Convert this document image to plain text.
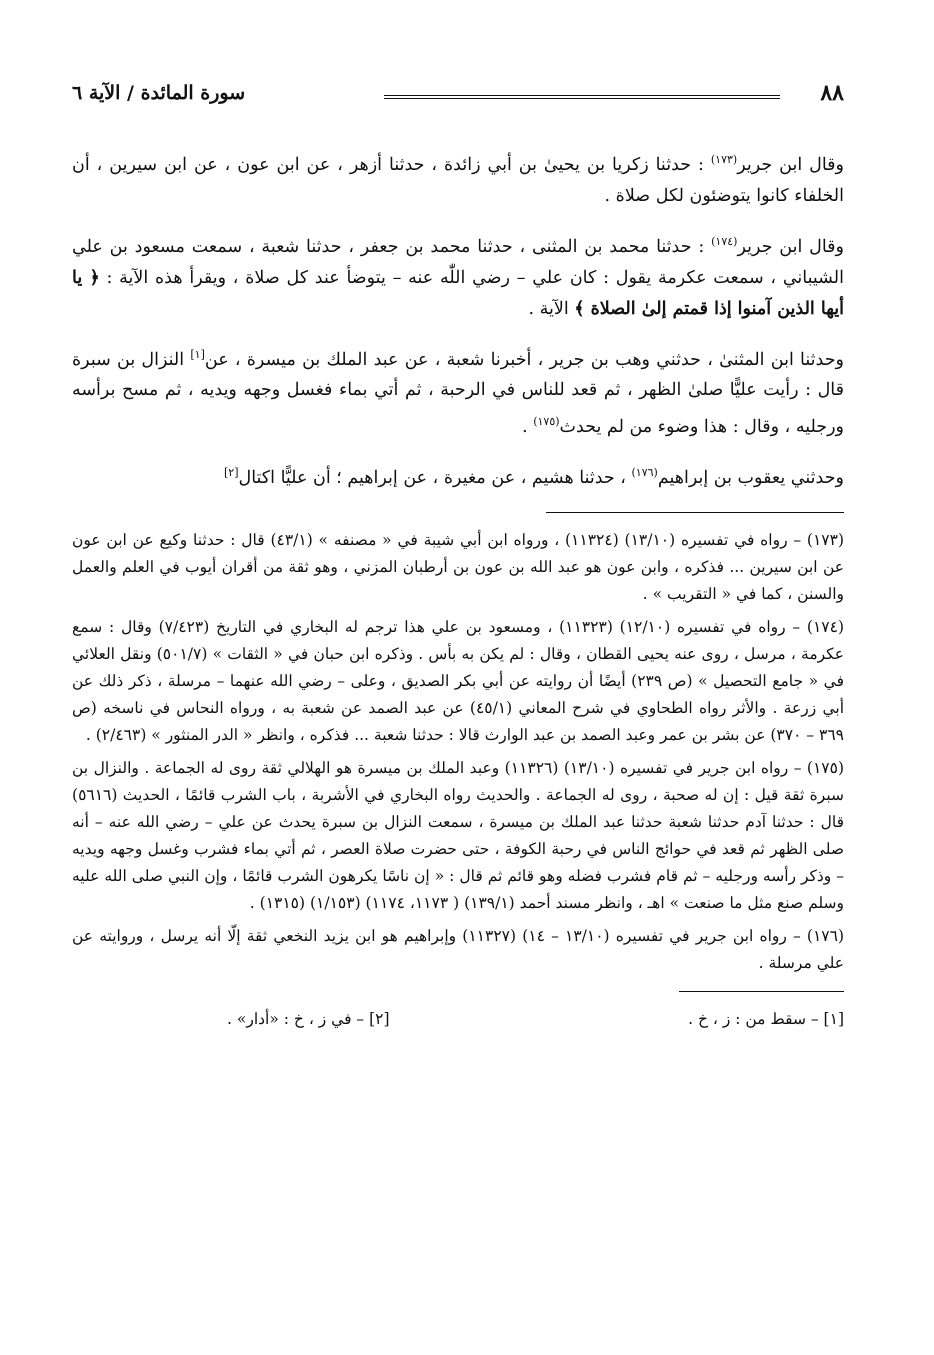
٨٨
سورة المائدة / الآية ٦

وقال ابن جرير$^{(١٧٣)}$ : حدثنا زكريا بن يحيىٰ بن أبي زائدة ، حدثنا أزهر ، عن ابن عون ، عن ابن سيرين ، أن الخلفاء كانوا يتوضئون لكل صلاة .

وقال ابن جرير$^{(١٧٤)}$ : حدثنا محمد بن المثنى ، حدثنا محمد بن جعفر ، حدثنا شعبة ، سمعت مسعود بن علي الشيباني ، سمعت عكرمة يقول : كان علي – رضي اللّٰه عنه – يتوضأ عند كل صلاة ، ويقرأ هذه الآية : ﴿ يا أيها الذين آمنوا إذا قمتم إلىٰ الصلاة ﴾ الآية .

وحدثنا ابن المثنىٰ ، حدثني وهب بن جرير ، أخبرنا شعبة ، عن عبد الملك بن ميسرة ، عن[١] النزال بن سبرة قال : رأيت عليًّا صلىٰ الظهر ، ثم قعد للناس في الرحبة ، ثم أتي بماء فغسل وجهه ويديه ، ثم مسح برأسه ورجليه ، وقال : هذا وضوء من لم يحدث$^{(١٧٥)}$ .

وحدثني يعقوب بن إبراهيم$^{(١٧٦)}$ ، حدثنا هشيم ، عن مغيرة ، عن إبراهيم ؛ أن عليًّا اكتال[٢]

(١٧٣) – رواه في تفسيره (١٣/١٠) (١١٣٢٤) ، ورواه ابن أبي شيبة في « مصنفه » (٤٣/١) قال : حدثنا وكيع عن ابن عون عن ابن سيرين ... فذكره ، وابن عون هو عبد الله بن عون بن أرطبان المزني ، وهو ثقة من أقران أيوب في العلم والعمل والسنن ، كما في « التقريب » .

(١٧٤) – رواه في تفسيره (١٢/١٠) (١١٣٢٣) ، ومسعود بن علي هذا ترجم له البخاري في التاريخ (٧/٤٢٣) وقال : سمع عكرمة ، مرسل ، روى عنه يحيى القطان ، وقال : لم يكن به بأس . وذكره ابن حبان في « الثقات » (٥٠١/٧) ونقل العلائي في « جامع التحصيل » (ص ٢٣٩) أيضًا أن روايته عن أبي بكر الصديق ، وعلى – رضي الله عنهما – مرسلة ، ذكر ذلك عن أبي زرعة . والأثر رواه الطحاوي في شرح المعاني (٤٥/١) عن عبد الصمد عن شعبة به ، ورواه النحاس في ناسخه (ص ٣٦٩ – ٣٧٠) عن بشر بن عمر وعبد الصمد بن عبد الوارث قالا : حدثنا شعبة ... فذكره ، وانظر « الدر المنثور » (٢/٤٦٣) .

(١٧٥) – رواه ابن جرير في تفسيره (١٣/١٠) (١١٣٢٦) وعبد الملك بن ميسرة هو الهلالي ثقة روى له الجماعة . والنزال بن سبرة ثقة قيل : إن له صحبة ، روى له الجماعة . والحديث رواه البخاري في الأشربة ، باب الشرب قائمًا ، الحديث (٥٦١٦) قال : حدثنا آدم حدثنا شعبة حدثنا عبد الملك بن ميسرة ، سمعت النزال بن سبرة يحدث عن علي – رضي الله عنه – أنه صلى الظهر ثم قعد في حوائج الناس في رحبة الكوفة ، حتى حضرت صلاة العصر ، ثم أتي بماء فشرب وغسل وجهه ويديه – وذكر رأسه ورجليه – ثم قام فشرب فضله وهو قائم ثم قال : « إن ناسًا يكرهون الشرب قائمًا ، وإن النبي صلى الله عليه وسلم صنع مثل ما صنعت » اهـ ، وانظر مسند أحمد (١٣٩/١) ( ١١٧٣، ١١٧٤) (١/١٥٣) (١٣١٥) .

(١٧٦) – رواه ابن جرير في تفسيره (١٣/١٠ – ١٤) (١١٣٢٧) وإبراهيم هو ابن يزيد النخعي ثقة إلّا أنه يرسل ، وروايته عن علي مرسلة .

[١] – سقط من : ز ، خ .
[٢] – في ز ، خ : «أدار» .
